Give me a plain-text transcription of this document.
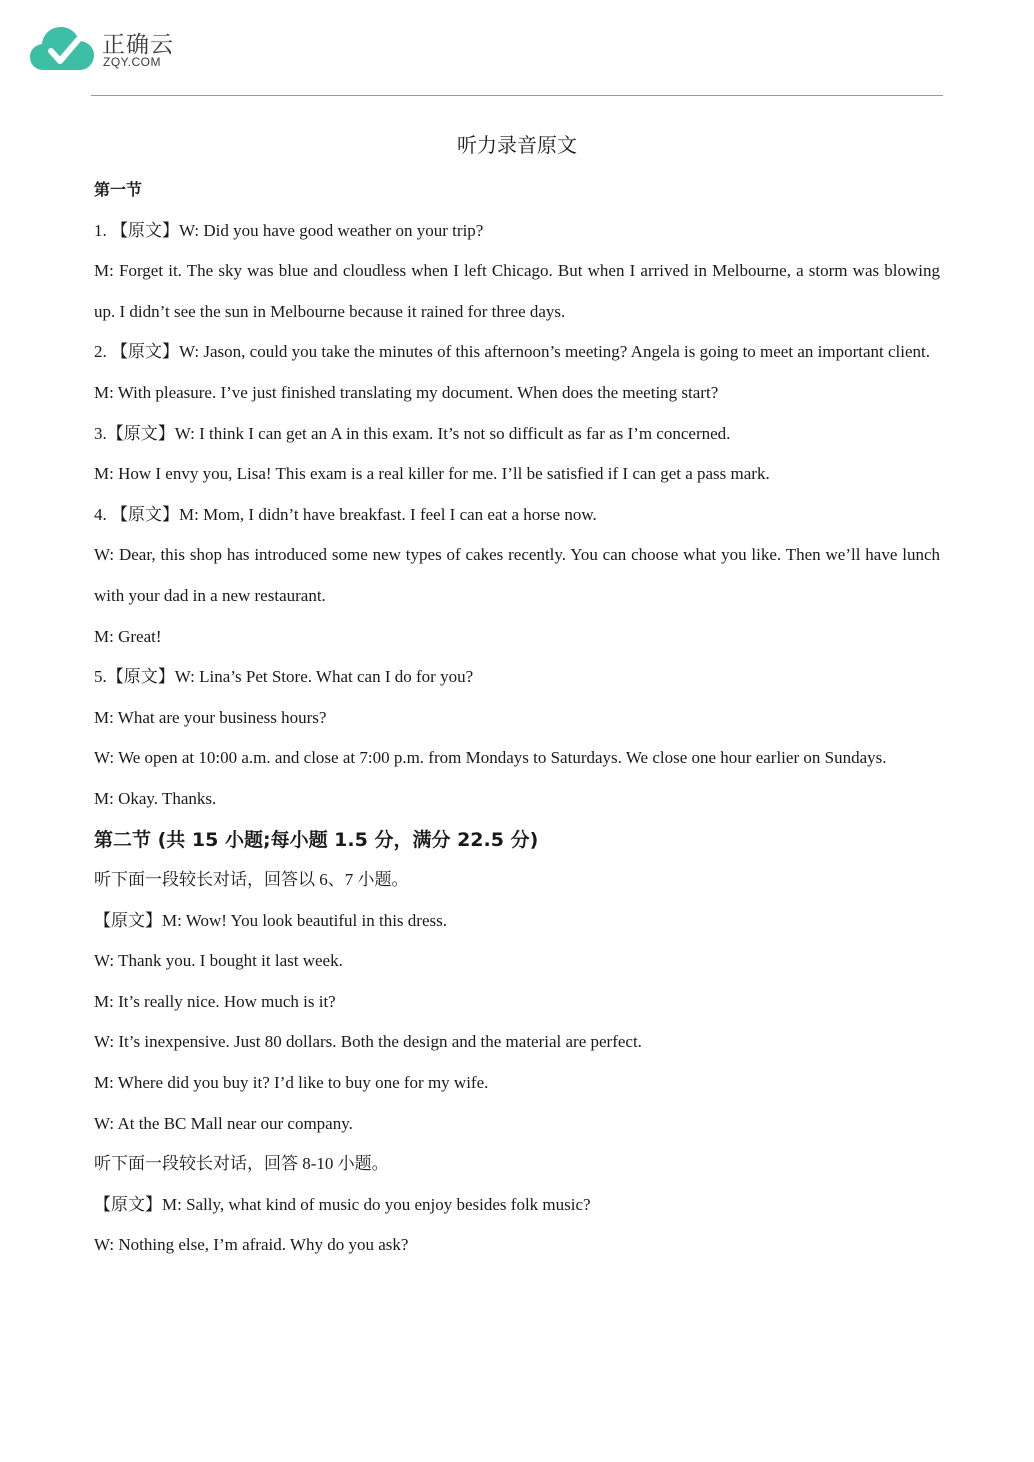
正确云
ZQY.COM
听力录音原文
第一节
1. 【原文】W: Did you have good weather on your trip?
M: Forget it. The sky was blue and cloudless when I left Chicago. But when I arrived in Melbourne, a storm was blowing up. I didn’t see the sun in Melbourne because it rained for three days.
2. 【原文】W: Jason, could you take the minutes of this afternoon’s meeting? Angela is going to meet an important client.
M: With pleasure. I’ve just finished translating my document. When does the meeting start?
3.【原文】W: I think I can get an A in this exam. It’s not so difficult as far as I’m concerned.
M: How I envy you, Lisa! This exam is a real killer for me. I’ll be satisfied if I can get a pass mark.
4. 【原文】M: Mom, I didn’t have breakfast. I feel I can eat a horse now.
W: Dear, this shop has introduced some new types of cakes recently. You can choose what you like. Then we’ll have lunch with your dad in a new restaurant.
M: Great!
5.【原文】W: Lina’s Pet Store. What can I do for you?
M: What are your business hours?
W: We open at 10:00 a.m. and close at 7:00 p.m. from Mondays to Saturdays. We close one hour earlier on Sundays.
M: Okay. Thanks.
第二节 (共 15 小题;每小题 1.5 分，满分 22.5 分)
听下面一段较长对话，回答以 6、7 小题。
【原文】M: Wow! You look beautiful in this dress.
W: Thank you. I bought it last week.
M: It’s really nice. How much is it?
W: It’s inexpensive. Just 80 dollars. Both the design and the material are perfect.
M: Where did you buy it? I’d like to buy one for my wife.
W: At the BC Mall near our company.
听下面一段较长对话，回答 8-10 小题。
【原文】M: Sally, what kind of music do you enjoy besides folk music?
W: Nothing else, I’m afraid. Why do you ask?
